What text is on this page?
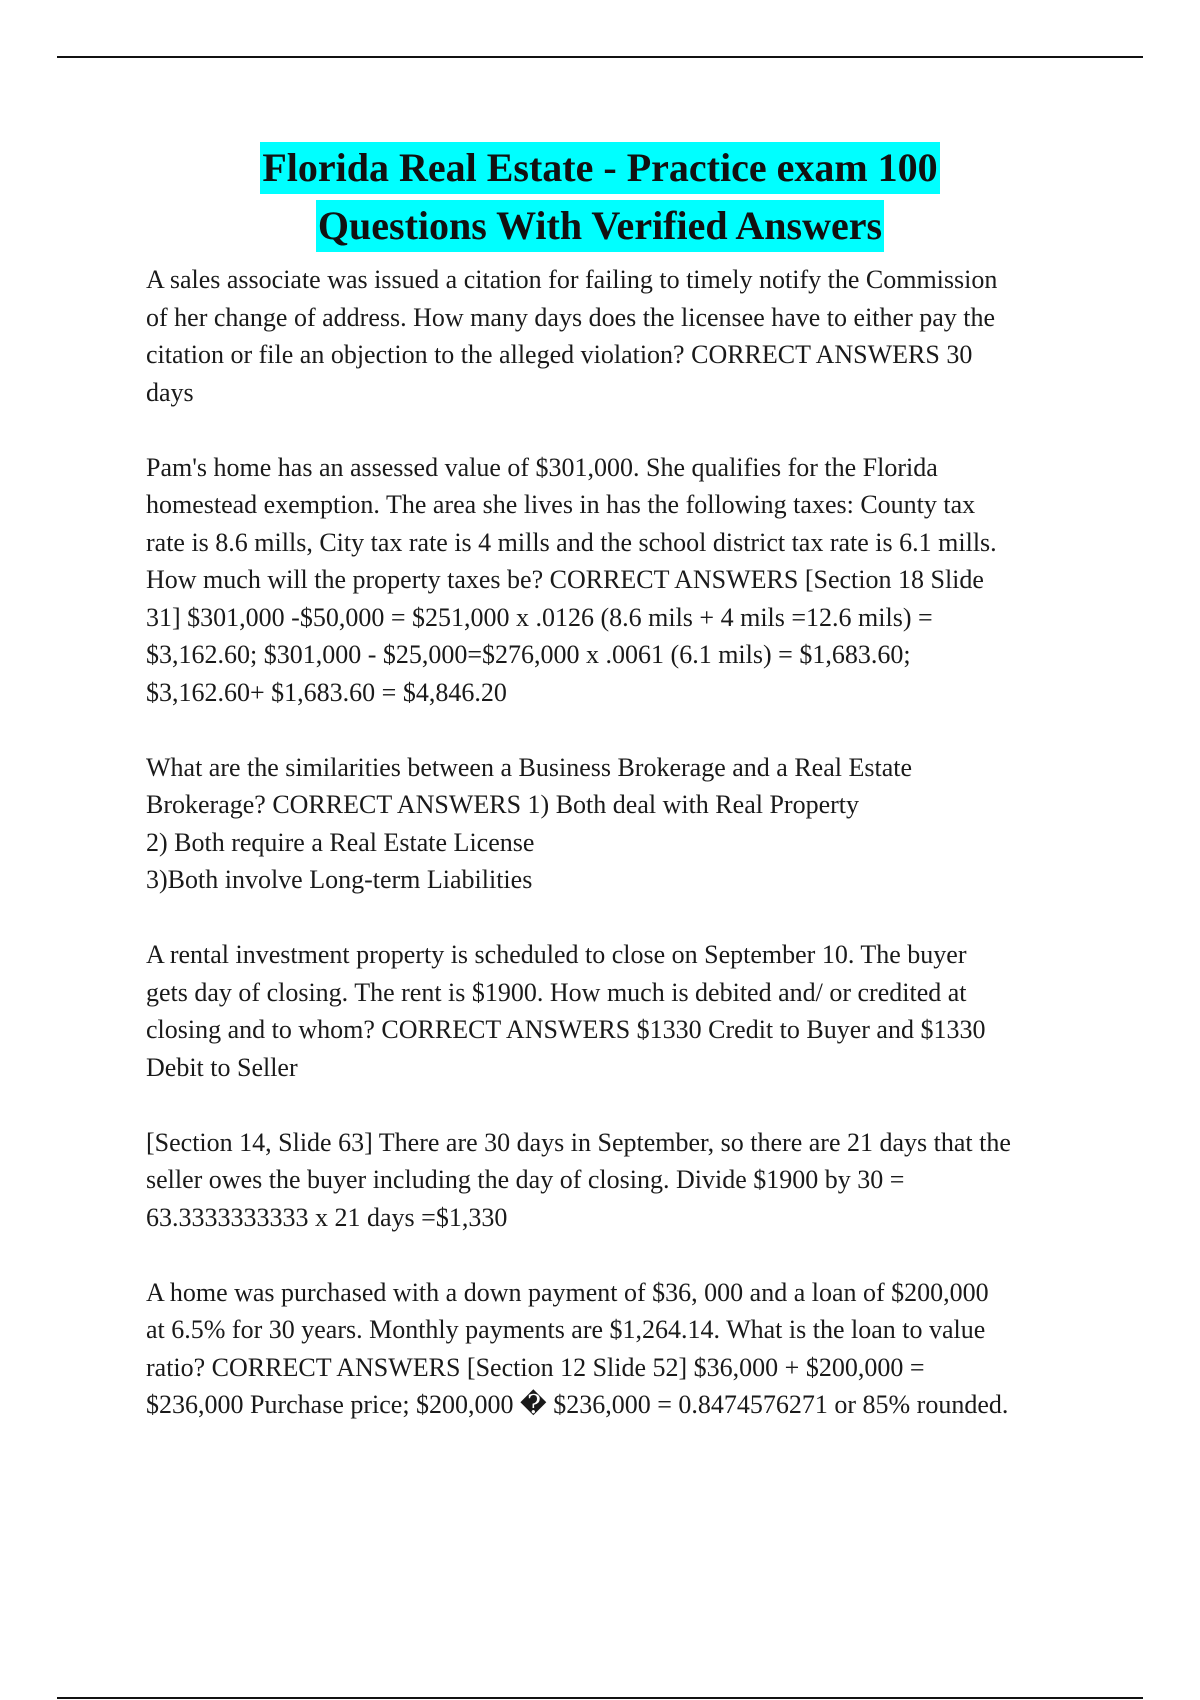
Florida Real Estate - Practice exam 100
Questions With Verified Answers
A sales associate was issued a citation for failing to timely notify the Commission
of her change of address. How many days does the licensee have to either pay the
citation or file an objection to the alleged violation? CORRECT ANSWERS 30
days
Pam's home has an assessed value of $301,000. She qualifies for the Florida
homestead exemption. The area she lives in has the following taxes: County tax
rate is 8.6 mills, City tax rate is 4 mills and the school district tax rate is 6.1 mills.
How much will the property taxes be? CORRECT ANSWERS [Section 18 Slide
31] $301,000 -$50,000 = $251,000 x .0126 (8.6 mils + 4 mils =12.6 mils) =
$3,162.60; $301,000 - $25,000=$276,000 x .0061 (6.1 mils) = $1,683.60;
$3,162.60+ $1,683.60 = $4,846.20
What are the similarities between a Business Brokerage and a Real Estate
Brokerage? CORRECT ANSWERS 1) Both deal with Real Property
2) Both require a Real Estate License
3)Both involve Long-term Liabilities
A rental investment property is scheduled to close on September 10. The buyer
gets day of closing. The rent is $1900. How much is debited and/ or credited at
closing and to whom? CORRECT ANSWERS $1330 Credit to Buyer and $1330
Debit to Seller
[Section 14, Slide 63] There are 30 days in September, so there are 21 days that the
seller owes the buyer including the day of closing. Divide $1900 by 30 =
63.3333333333 x 21 days =$1,330
A home was purchased with a down payment of $36, 000 and a loan of $200,000
at 6.5% for 30 years. Monthly payments are $1,264.14. What is the loan to value
ratio? CORRECT ANSWERS [Section 12 Slide 52] $36,000 + $200,000 =
$236,000 Purchase price; $200,000 � $236,000 = 0.8474576271 or 85% rounded.
